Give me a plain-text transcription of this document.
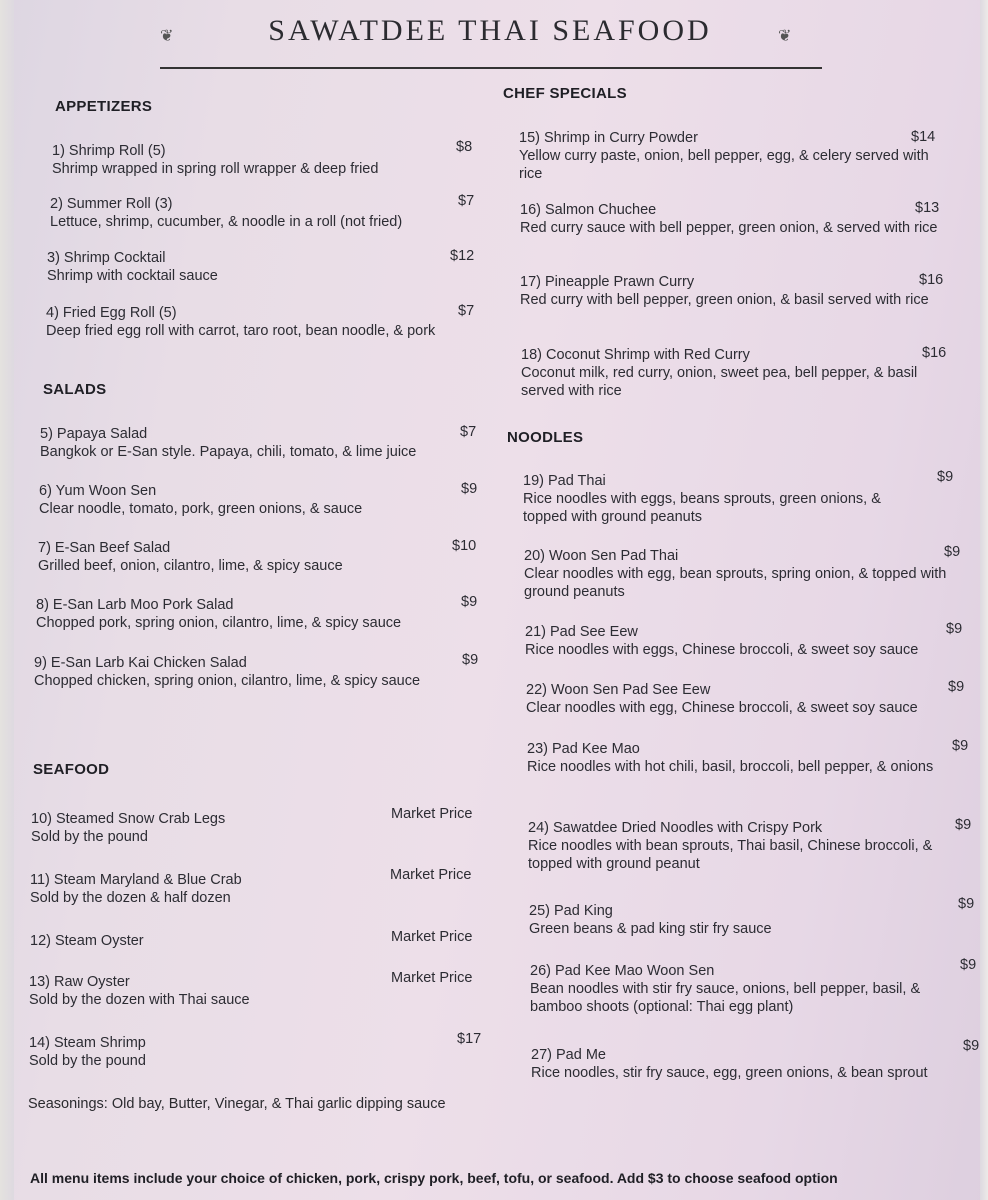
❦	SAWATDEE THAI SEAFOOD	❦
APPETIZERS
1) Shrimp Roll (5)
Shrimp wrapped in spring roll wrapper & deep fried
$8
2) Summer Roll (3)
Lettuce, shrimp, cucumber, & noodle in a roll (not fried)
$7
3) Shrimp Cocktail
Shrimp with cocktail sauce
$12
4) Fried Egg Roll (5)
Deep fried egg roll with carrot, taro root, bean noodle, & pork
$7
SALADS
5) Papaya Salad
Bangkok or E-San style. Papaya, chili, tomato, & lime juice
$7
6) Yum Woon Sen
Clear noodle, tomato, pork, green onions, & sauce
$9
7) E-San Beef Salad
Grilled beef, onion, cilantro, lime, & spicy sauce
$10
8) E-San Larb Moo Pork Salad
Chopped pork, spring onion, cilantro, lime, & spicy sauce
$9
9) E-San Larb Kai Chicken Salad
Chopped chicken, spring onion, cilantro, lime, & spicy sauce
$9
SEAFOOD
10) Steamed Snow Crab Legs
Sold by the pound
Market Price
11) Steam Maryland & Blue Crab
Sold by the dozen & half dozen
Market Price
12) Steam Oyster	Market Price
13) Raw Oyster
Sold by the dozen with Thai sauce
Market Price
14) Steam Shrimp
Sold by the pound
$17
Seasonings: Old bay, Butter, Vinegar, & Thai garlic dipping sauce
CHEF SPECIALS
15) Shrimp in Curry Powder
Yellow curry paste, onion, bell pepper, egg, & celery served with rice
$14
16) Salmon Chuchee
Red curry sauce with bell pepper, green onion, & served with rice
$13
17) Pineapple Prawn Curry
Red curry with bell pepper, green onion, & basil served with rice
$16
18) Coconut Shrimp with Red Curry
Coconut milk, red curry, onion, sweet pea, bell pepper, & basil served with rice
$16
NOODLES
19) Pad Thai
Rice noodles with eggs, beans sprouts, green onions, & topped with ground peanuts
$9
20) Woon Sen Pad Thai
Clear noodles with egg, bean sprouts, spring onion, & topped with ground peanuts
$9
21) Pad See Eew
Rice noodles with eggs, Chinese broccoli, & sweet soy sauce
$9
22) Woon Sen Pad See Eew
Clear noodles with egg, Chinese broccoli, & sweet soy sauce
$9
23) Pad Kee Mao
Rice noodles with hot chili, basil, broccoli, bell pepper, & onions
$9
24) Sawatdee Dried Noodles with Crispy Pork
Rice noodles with bean sprouts, Thai basil, Chinese broccoli, & topped with ground peanut
$9
25) Pad King
Green beans & pad king stir fry sauce
$9
26) Pad Kee Mao Woon Sen
Bean noodles with stir fry sauce, onions, bell pepper, basil, & bamboo shoots (optional: Thai egg plant)
$9
27) Pad Me
Rice noodles, stir fry sauce, egg, green onions, & bean sprout
$9
All menu items include your choice of chicken, pork, crispy pork, beef, tofu, or seafood. Add $3 to choose seafood option
